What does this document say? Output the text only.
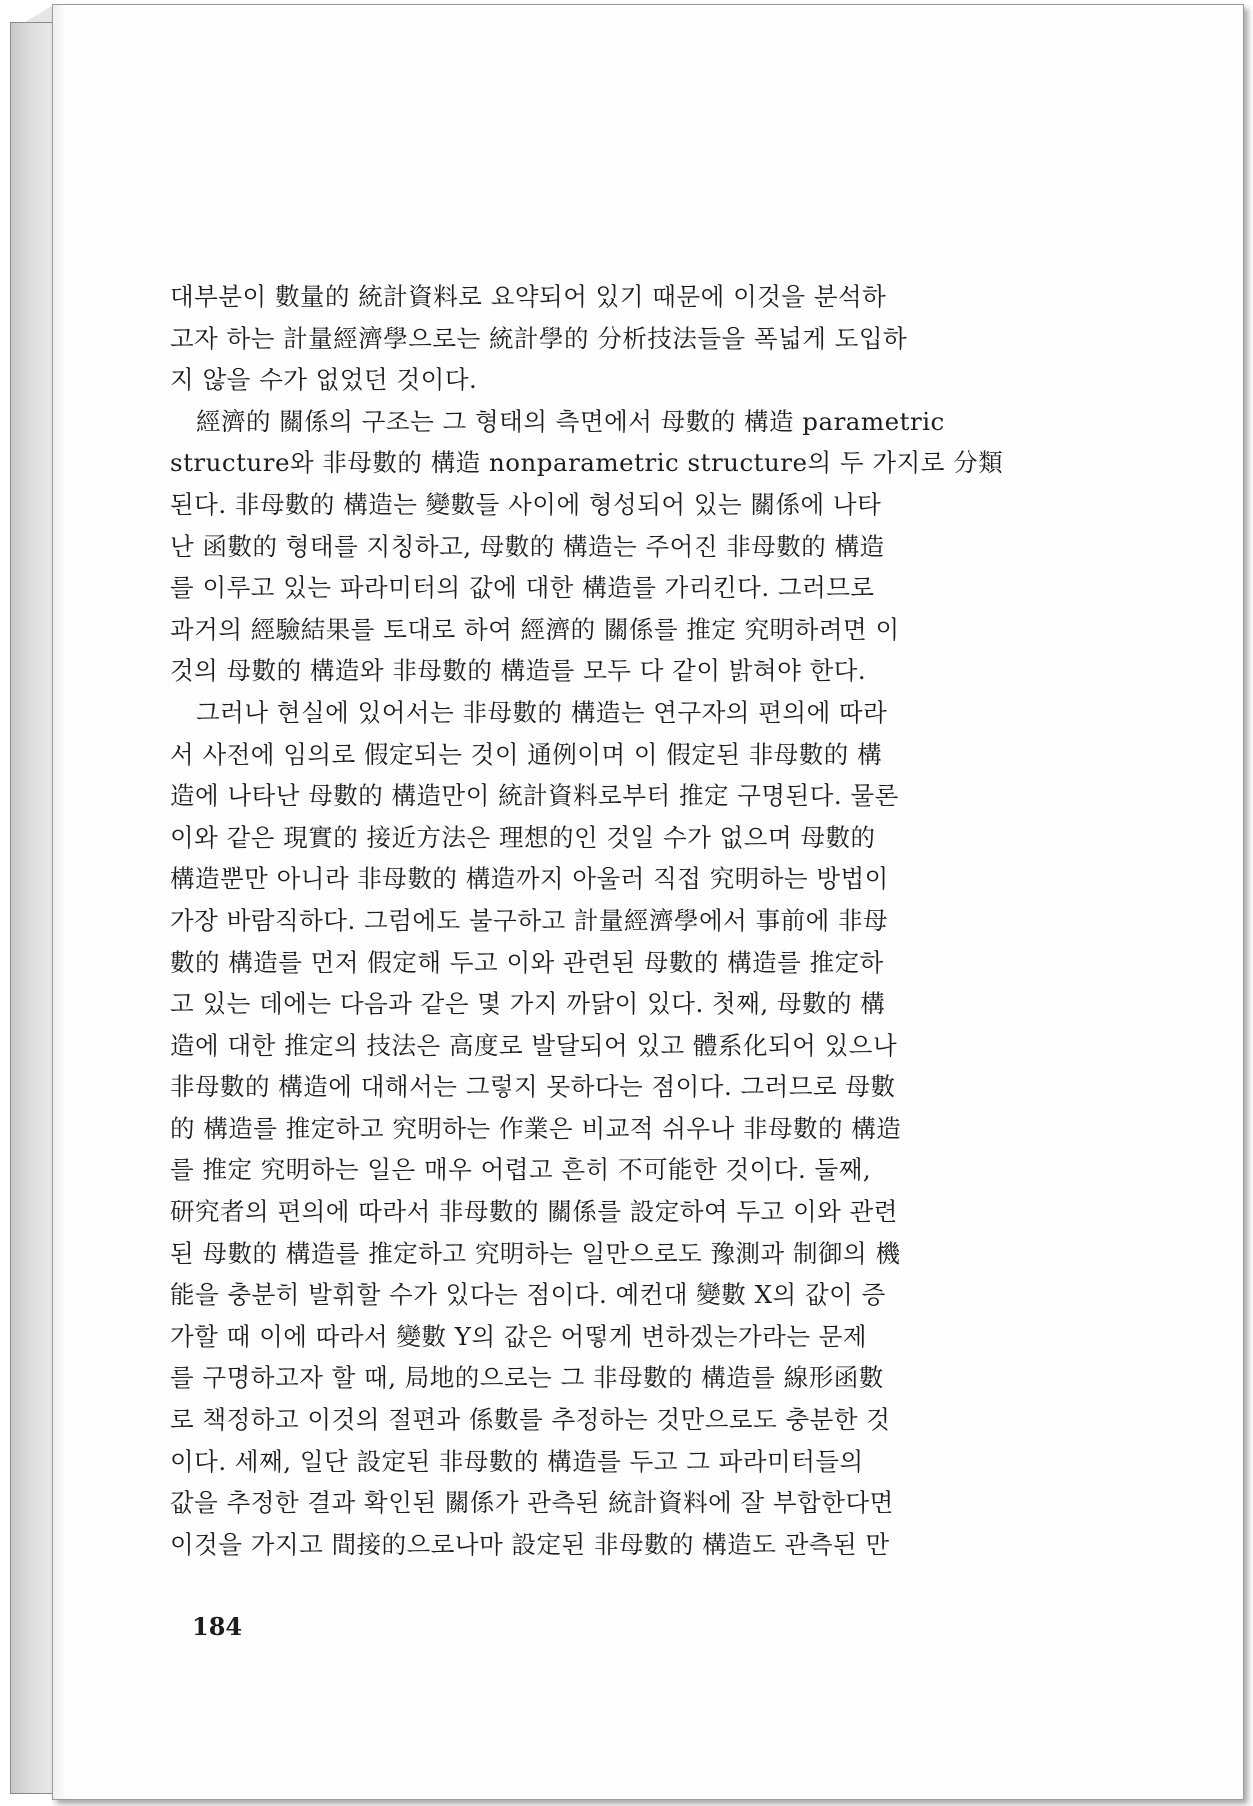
대부분이 數量的 統計資料로 요약되어 있기 때문에 이것을 분석하
고자 하는 計量經濟學으로는 統計學的 分析技法들을 폭넓게 도입하
지 않을 수가 없었던 것이다.
經濟的 關係의 구조는 그 형태의 측면에서 母數的 構造 parametric
structure와 非母數的 構造 nonparametric structure의 두 가지로 分類
된다. 非母數的 構造는 變數들 사이에 형성되어 있는 關係에 나타
난 函數的 형태를 지칭하고, 母數的 構造는 주어진 非母數的 構造
를 이루고 있는 파라미터의 값에 대한 構造를 가리킨다. 그러므로
과거의 經驗結果를 토대로 하여 經濟的 關係를 推定 究明하려면 이
것의 母數的 構造와 非母數的 構造를 모두 다 같이 밝혀야 한다.
그러나 현실에 있어서는 非母數的 構造는 연구자의 편의에 따라
서 사전에 임의로 假定되는 것이 通例이며 이 假定된 非母數的 構
造에 나타난 母數的 構造만이 統計資料로부터 推定 구명된다. 물론
이와 같은 現實的 接近方法은 理想的인 것일 수가 없으며 母數的
構造뿐만 아니라 非母數的 構造까지 아울러 직접 究明하는 방법이
가장 바람직하다. 그럼에도 불구하고 計量經濟學에서 事前에 非母
數的 構造를 먼저 假定해 두고 이와 관련된 母數的 構造를 推定하
고 있는 데에는 다음과 같은 몇 가지 까닭이 있다. 첫째, 母數的 構
造에 대한 推定의 技法은 高度로 발달되어 있고 體系化되어 있으나
非母數的 構造에 대해서는 그렇지 못하다는 점이다. 그러므로 母數
的 構造를 推定하고 究明하는 作業은 비교적 쉬우나 非母數的 構造
를 推定 究明하는 일은 매우 어렵고 흔히 不可能한 것이다. 둘째,
研究者의 편의에 따라서 非母數的 關係를 設定하여 두고 이와 관련
된 母數的 構造를 推定하고 究明하는 일만으로도 豫測과 制御의 機
能을 충분히 발휘할 수가 있다는 점이다. 예컨대 變數 X의 값이 증
가할 때 이에 따라서 變數 Y의 값은 어떻게 변하겠는가라는 문제
를 구명하고자 할 때, 局地的으로는 그 非母數的 構造를 線形函數
로 책정하고 이것의 절편과 係數를 추정하는 것만으로도 충분한 것
이다. 세째, 일단 設定된 非母數的 構造를 두고 그 파라미터들의
값을 추정한 결과 확인된 關係가 관측된 統計資料에 잘 부합한다면
이것을 가지고 間接的으로나마 設定된 非母數的 構造도 관측된 만
184
